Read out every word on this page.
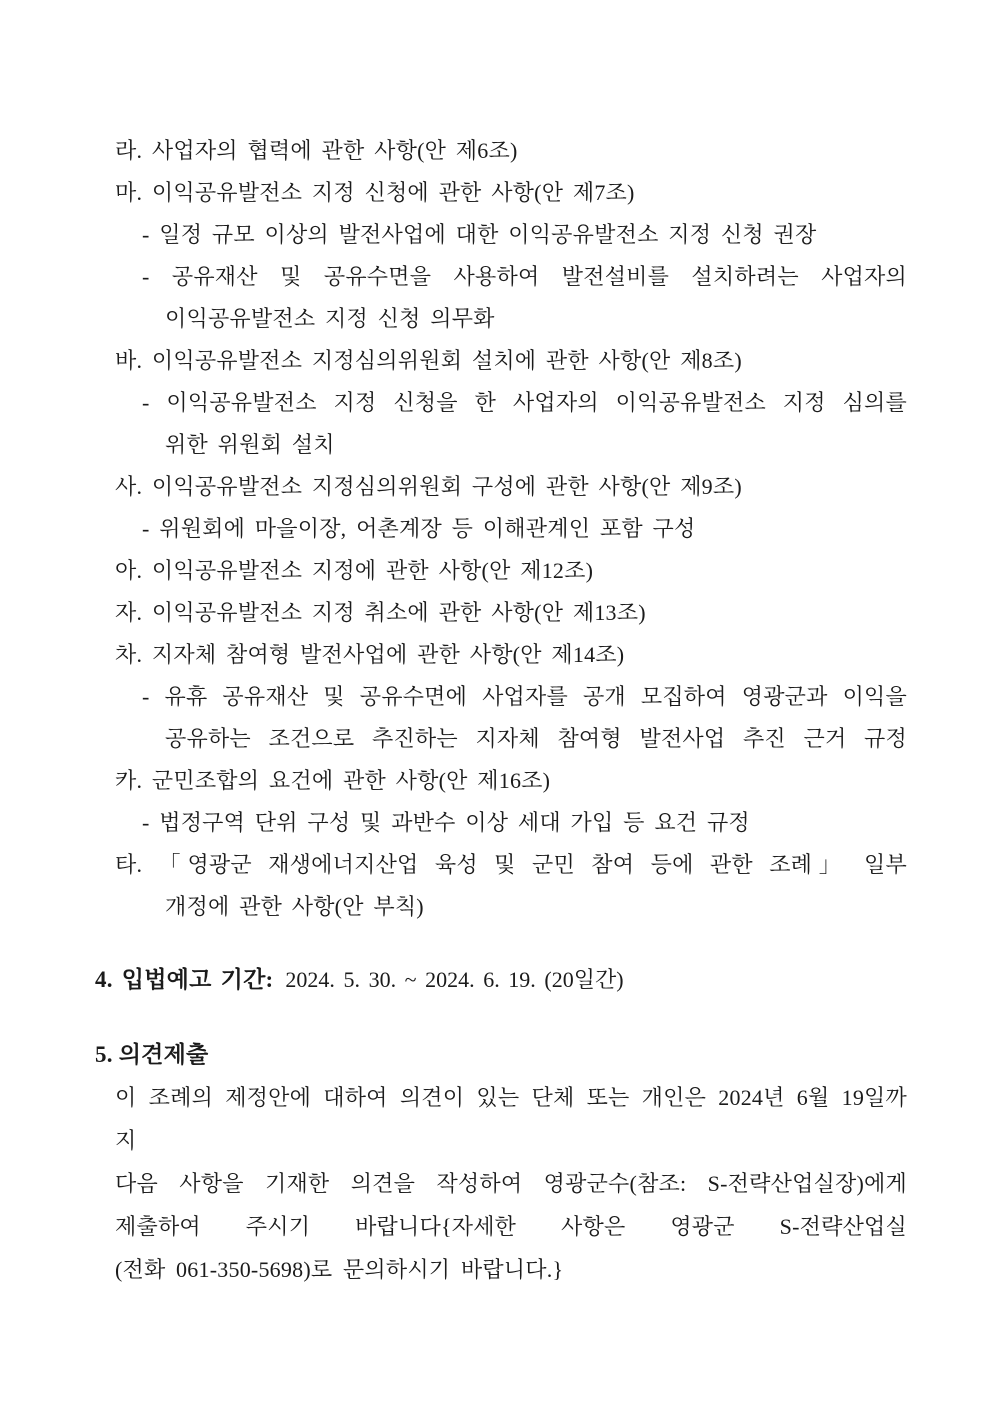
라. 사업자의 협력에 관한 사항(안 제6조)
마. 이익공유발전소 지정 신청에 관한 사항(안 제7조)
- 일정 규모 이상의 발전사업에 대한 이익공유발전소 지정 신청 권장
- 공유재산 및 공유수면을 사용하여 발전설비를 설치하려는 사업자의
이익공유발전소 지정 신청 의무화
바. 이익공유발전소 지정심의위원회 설치에 관한 사항(안 제8조)
- 이익공유발전소 지정 신청을 한 사업자의 이익공유발전소 지정 심의를
위한 위원회 설치
사. 이익공유발전소 지정심의위원회 구성에 관한 사항(안 제9조)
- 위원회에 마을이장, 어촌계장 등 이해관계인 포함 구성
아. 이익공유발전소 지정에 관한 사항(안 제12조)
자. 이익공유발전소 지정 취소에 관한 사항(안 제13조)
차. 지자체 참여형 발전사업에 관한 사항(안 제14조)
- 유휴 공유재산 및 공유수면에 사업자를 공개 모집하여 영광군과 이익을
공유하는 조건으로 추진하는 지자체 참여형 발전사업 추진 근거 규정
카. 군민조합의 요건에 관한 사항(안 제16조)
- 법정구역 단위 구성 및 과반수 이상 세대 가입 등 요건 규정
타. 「영광군 재생에너지산업 육성 및 군민 참여 등에 관한 조례」 일부
개정에 관한 사항(안 부칙)
4. 입법예고 기간: 2024. 5. 30. ~ 2024. 6. 19. (20일간)
5. 의견제출
이 조례의 제정안에 대하여 의견이 있는 단체 또는 개인은 2024년 6월 19일까지
다음 사항을 기재한 의견을 작성하여 영광군수(참조: S-전략산업실장)에게
제출하여 주시기 바랍니다{자세한 사항은 영광군 S-전략산업실
(전화 061-350-5698)로 문의하시기 바랍니다.}
